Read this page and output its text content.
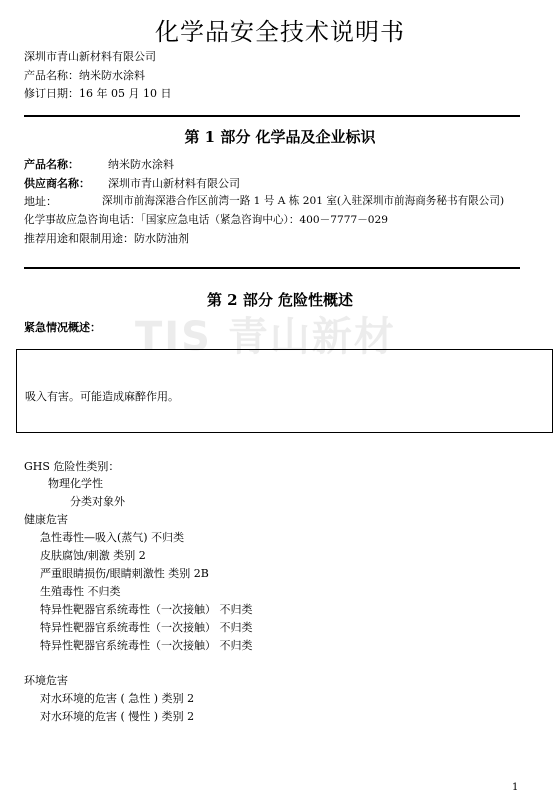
TIS 青山新材
化学品安全技术说明书
深圳市青山新材料有限公司
产品名称：纳米防水涂料
修订日期：16 年 05 月 10 日
第 1 部分 化学品及企业标识
产品名称：	纳米防水涂料
供应商名称： 深圳市青山新材料有限公司
地址：	深圳市前海深港合作区前湾一路 1 号 A 栋 201 室(入驻深圳市前海商务秘书有限公司)
化学事故应急咨询电话：「国家应急电话（紧急咨询中心）：400－7777－029
推荐用途和限制用途：防水防油剂
第 2 部分 危险性概述
紧急情况概述：
吸入有害。可能造成麻醉作用。
GHS 危险性类别：
物理化学性
分类对象外
健康危害
急性毒性—吸入(蒸气) 不归类
皮肤腐蚀/刺激 类别 2
严重眼睛损伤/眼睛刺激性 类别 2B
生殖毒性 不归类
特异性靶器官系统毒性（一次接触） 不归类
特异性靶器官系统毒性（一次接触） 不归类
特异性靶器官系统毒性（一次接触） 不归类
环境危害
对水环境的危害 ( 急性 ) 类别 2
对水环境的危害 ( 慢性 ) 类别 2
1
